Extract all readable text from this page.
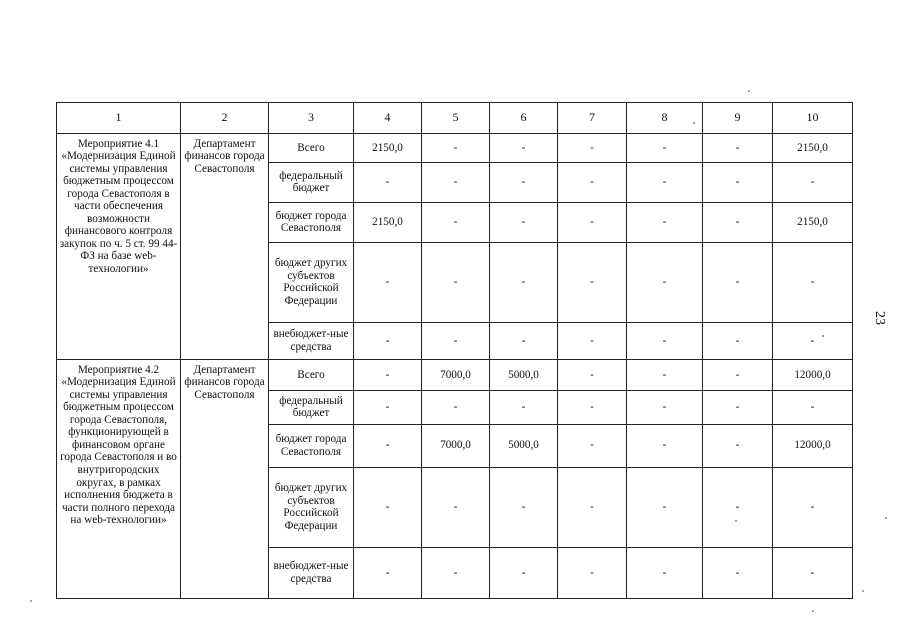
23
1	2	3	4	5	6	7	8	9	10
Мероприятие 4.1 «Модернизация Единой системы управления бюджетным процессом города Севастополя в части обеспечения возможности финансового контроля закупок по ч. 5 ст. 99 44-ФЗ на базе web-технологии»	Департамент финансов города Севастополя	Всего	2150,0	-	-	-	-	-	2150,0
		федеральный бюджет	-	-	-	-	-	-	-
		бюджет города Севастополя	2150,0	-	-	-	-	-	2150,0
		бюджет других субъектов Российской Федерации	-	-	-	-	-	-	-
		внебюджет-ные средства	-	-	-	-	-	-	-
Мероприятие 4.2 «Модернизация Единой системы управления бюджетным процессом города Севастополя, функционирующей в финансовом органе города Севастополя и во внутригородских округах, в рамках исполнения бюджета в части полного перехода на web-технологии»	Департамент финансов города Севастополя	Всего	-	7000,0	5000,0	-	-	-	12000,0
		федеральный бюджет	-	-	-	-	-	-	-
		бюджет города Севастополя	-	7000,0	5000,0	-	-	-	12000,0
		бюджет других субъектов Российской Федерации	-	-	-	-	-	-	-
		внебюджет-ные средства	-	-	-	-	-	-	-
